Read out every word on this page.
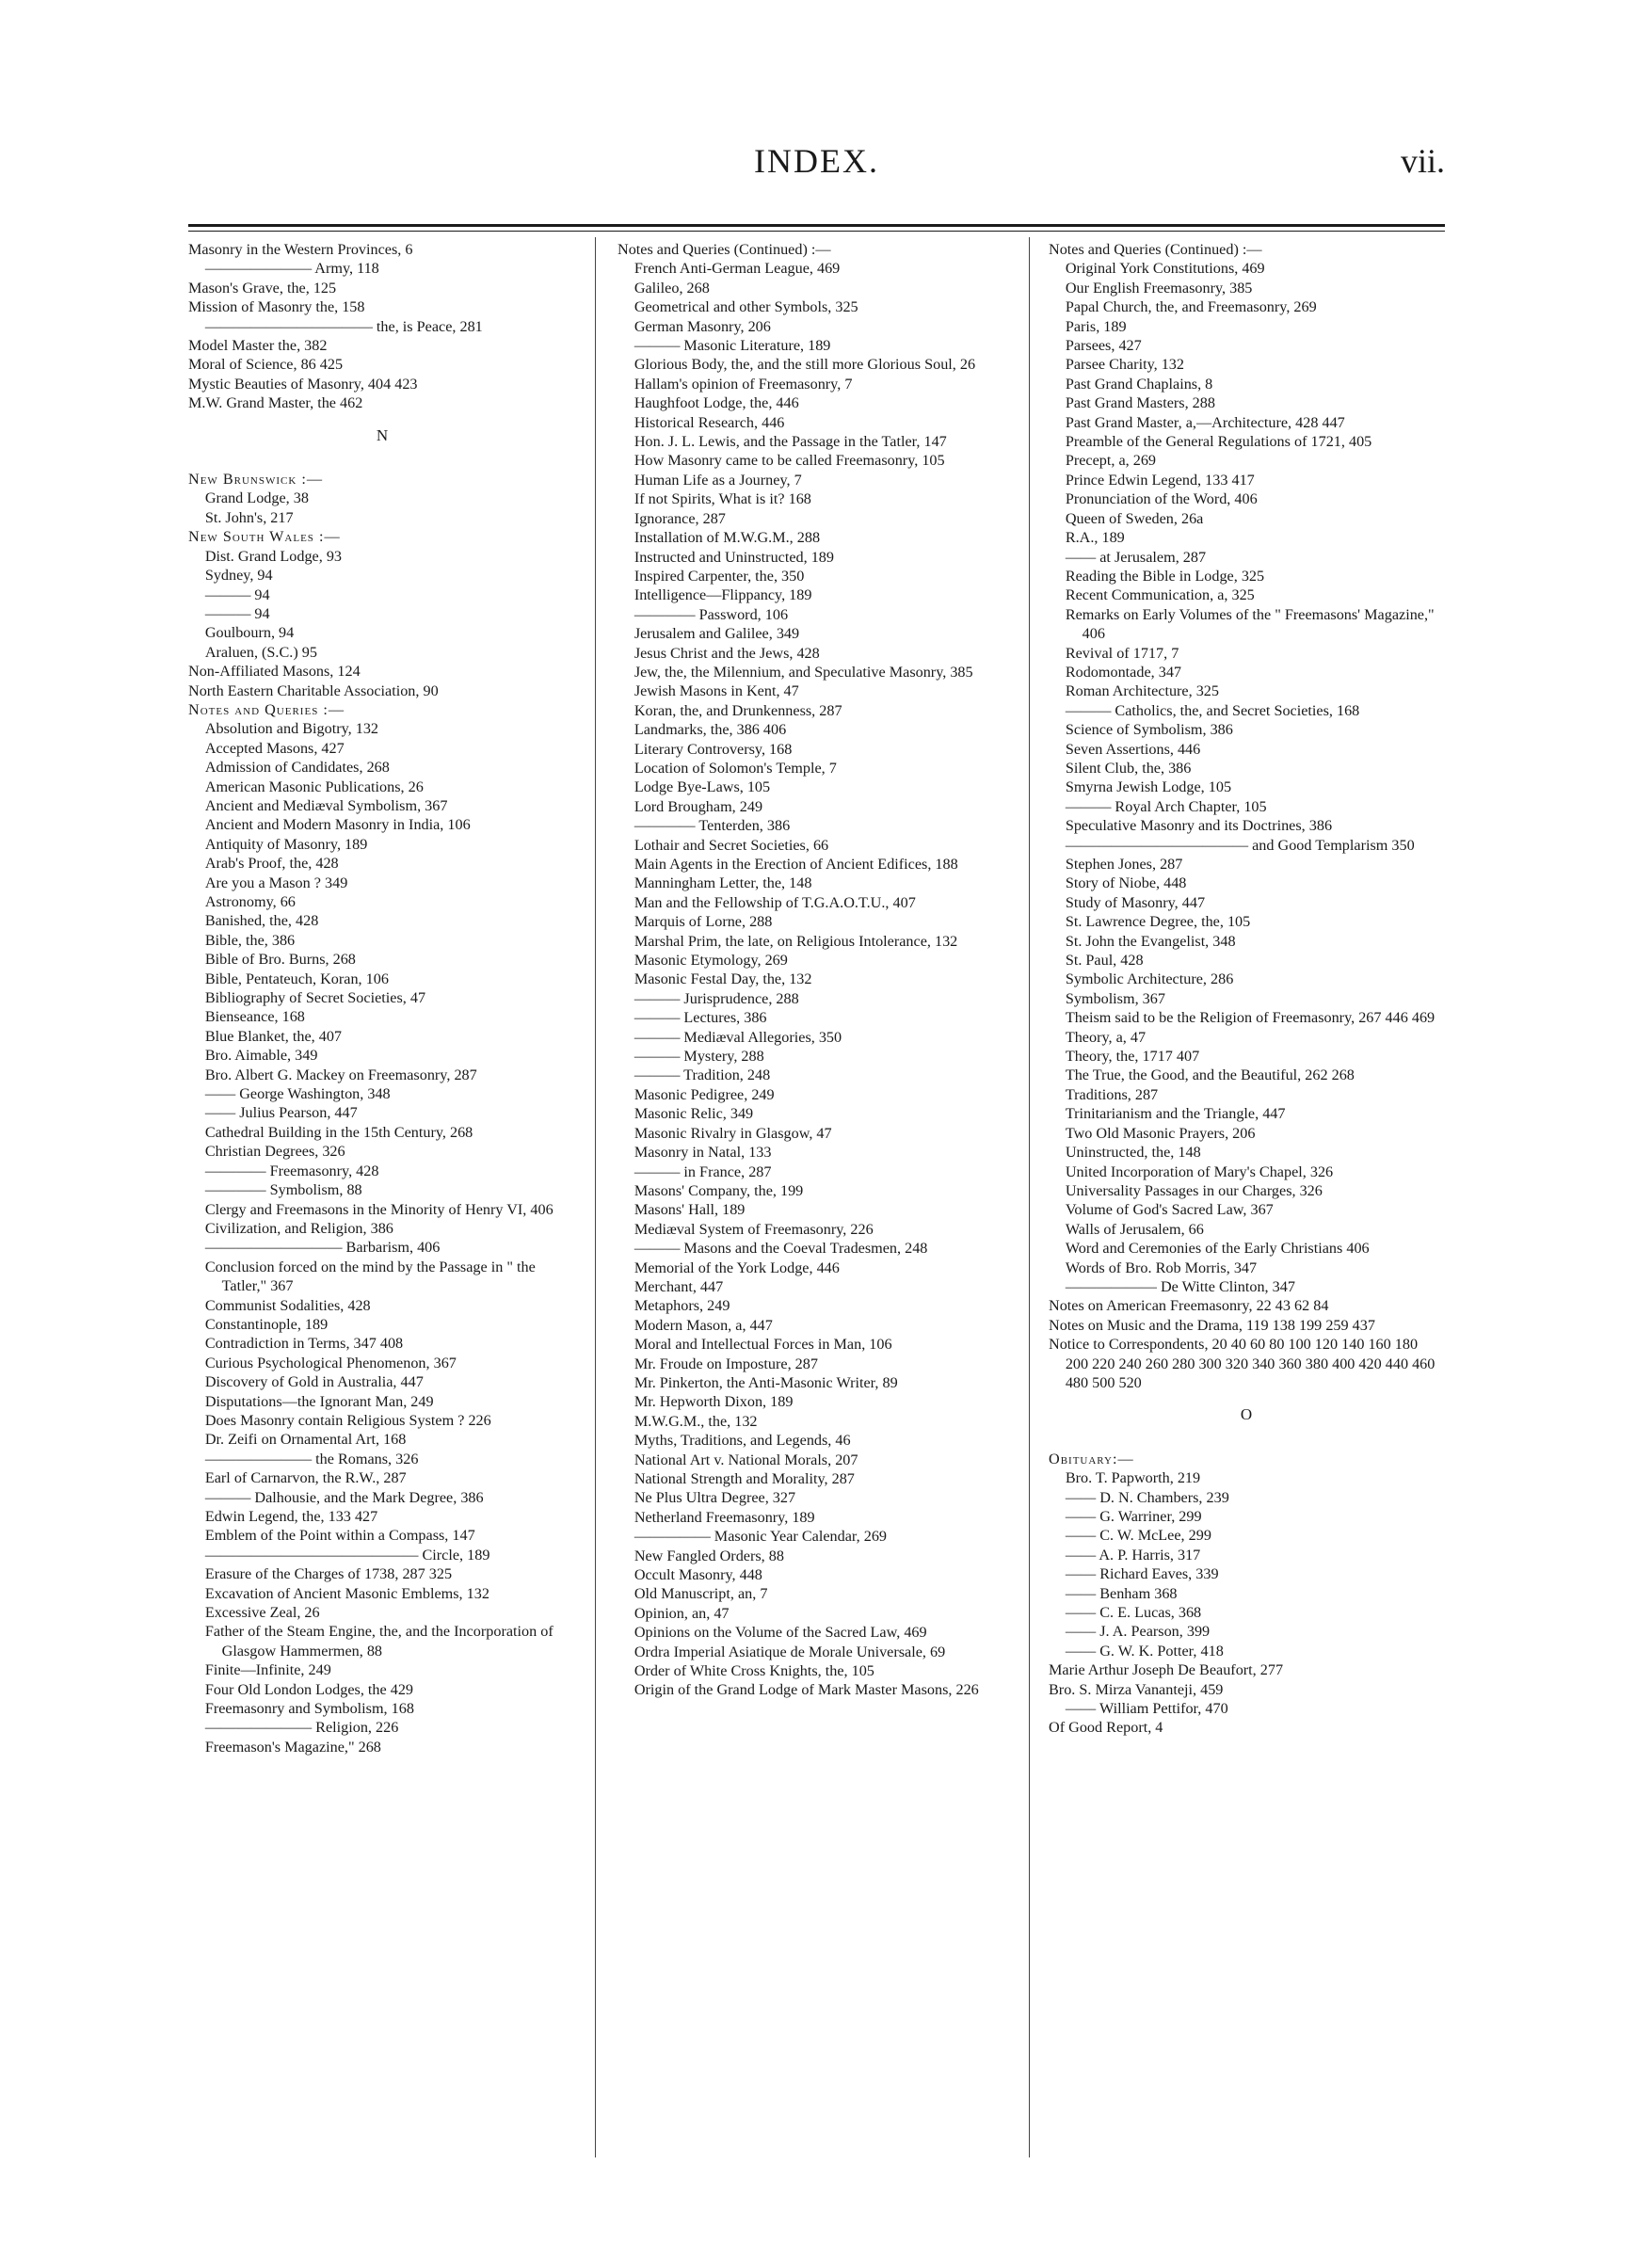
INDEX.	vii.

Masonry in the Western Provinces, 6

——————— Army, 118

Mason's Grave, the, 125

Mission of Masonry the, 158

——————————— the, is Peace, 281

Model Master the, 382

Moral of Science, 86 425

Mystic Beauties of Masonry, 404 423

M.W. Grand Master, the 462

N

New Brunswick :—

Grand Lodge, 38

St. John's, 217

New South Wales :—

Dist. Grand Lodge, 93

Sydney, 94

——— 94

——— 94

Goulbourn, 94

Araluen, (S.C.) 95

Non-Affiliated Masons, 124

North Eastern Charitable Association, 90

Notes and Queries :—

Absolution and Bigotry, 132

Accepted Masons, 427

Admission of Candidates, 268

American Masonic Publications, 26

Ancient and Mediæval Symbolism, 367

Ancient and Modern Masonry in India, 106

Antiquity of Masonry, 189

Arab's Proof, the, 428

Are you a Mason ? 349

Astronomy, 66

Banished, the, 428

Bible, the, 386

Bible of Bro. Burns, 268

Bible, Pentateuch, Koran, 106

Bibliography of Secret Societies, 47

Bienseance, 168

Blue Blanket, the, 407

Bro. Aimable, 349

Bro. Albert G. Mackey on Freemasonry, 287

—— George Washington, 348

—— Julius Pearson, 447

Cathedral Building in the 15th Century, 268

Christian Degrees, 326

———— Freemasonry, 428

———— Symbolism, 88

Clergy and Freemasons in the Minority of Henry VI, 406

Civilization, and Religion, 386

————————— Barbarism, 406

Conclusion forced on the mind by the Passage in " the Tatler," 367

Communist Sodalities, 428

Constantinople, 189

Contradiction in Terms, 347 408

Curious Psychological Phenomenon, 367

Discovery of Gold in Australia, 447

Disputations—the Ignorant Man, 249

Does Masonry contain Religious System ? 226

Dr. Zeifi on Ornamental Art, 168

——————— the Romans, 326

Earl of Carnarvon, the R.W., 287

——— Dalhousie, and the Mark Degree, 386

Edwin Legend, the, 133 427

Emblem of the Point within a Compass, 147

—————————————— Circle, 189

Erasure of the Charges of 1738, 287 325

Excavation of Ancient Masonic Emblems, 132

Excessive Zeal, 26

Father of the Steam Engine, the, and the Incorporation of Glasgow Hammermen, 88

Finite—Infinite, 249

Four Old London Lodges, the 429

Freemasonry and Symbolism, 168

——————— Religion, 226

Freemason's Magazine," 268

Notes and Queries (Continued) :—

French Anti-German League, 469

Galileo, 268

Geometrical and other Symbols, 325

German Masonry, 206

——— Masonic Literature, 189

Glorious Body, the, and the still more Glorious Soul, 26

Hallam's opinion of Freemasonry, 7

Haughfoot Lodge, the, 446

Historical Research, 446

Hon. J. L. Lewis, and the Passage in the Tatler, 147

How Masonry came to be called Freemasonry, 105

Human Life as a Journey, 7

If not Spirits, What is it? 168

Ignorance, 287

Installation of M.W.G.M., 288

Instructed and Uninstructed, 189

Inspired Carpenter, the, 350

Intelligence—Flippancy, 189

———— Password, 106

Jerusalem and Galilee, 349

Jesus Christ and the Jews, 428

Jew, the, the Milennium, and Speculative Masonry, 385

Jewish Masons in Kent, 47

Koran, the, and Drunkenness, 287

Landmarks, the, 386 406

Literary Controversy, 168

Location of Solomon's Temple, 7

Lodge Bye-Laws, 105

Lord Brougham, 249

———— Tenterden, 386

Lothair and Secret Societies, 66

Main Agents in the Erection of Ancient Edifices, 188

Manningham Letter, the, 148

Man and the Fellowship of T.G.A.O.T.U., 407

Marquis of Lorne, 288

Marshal Prim, the late, on Religious Intolerance, 132

Masonic Etymology, 269

Masonic Festal Day, the, 132

——— Jurisprudence, 288

——— Lectures, 386

——— Mediæval Allegories, 350

——— Mystery, 288

——— Tradition, 248

Masonic Pedigree, 249

Masonic Relic, 349

Masonic Rivalry in Glasgow, 47

Masonry in Natal, 133

——— in France, 287

Masons' Company, the, 199

Masons' Hall, 189

Mediæval System of Freemasonry, 226

——— Masons and the Coeval Tradesmen, 248

Memorial of the York Lodge, 446

Merchant, 447

Metaphors, 249

Modern Mason, a, 447

Moral and Intellectual Forces in Man, 106

Mr. Froude on Imposture, 287

Mr. Pinkerton, the Anti-Masonic Writer, 89

Mr. Hepworth Dixon, 189

M.W.G.M., the, 132

Myths, Traditions, and Legends, 46

National Art v. National Morals, 207

National Strength and Morality, 287

Ne Plus Ultra Degree, 327

Netherland Freemasonry, 189

————— Masonic Year Calendar, 269

New Fangled Orders, 88

Occult Masonry, 448

Old Manuscript, an, 7

Opinion, an, 47

Opinions on the Volume of the Sacred Law, 469

Ordra Imperial Asiatique de Morale Universale, 69

Order of White Cross Knights, the, 105

Origin of the Grand Lodge of Mark Master Masons, 226

Notes and Queries (Continued) :—

Original York Constitutions, 469

Our English Freemasonry, 385

Papal Church, the, and Freemasonry, 269

Paris, 189

Parsees, 427

Parsee Charity, 132

Past Grand Chaplains, 8

Past Grand Masters, 288

Past Grand Master, a,—Architecture, 428 447

Preamble of the General Regulations of 1721, 405

Precept, a, 269

Prince Edwin Legend, 133 417

Pronunciation of the Word, 406

Queen of Sweden, 26a

R.A., 189

—— at Jerusalem, 287

Reading the Bible in Lodge, 325

Recent Communication, a, 325

Remarks on Early Volumes of the " Freemasons' Magazine," 406

Revival of 1717, 7

Rodomontade, 347

Roman Architecture, 325

——— Catholics, the, and Secret Societies, 168

Science of Symbolism, 386

Seven Assertions, 446

Silent Club, the, 386

Smyrna Jewish Lodge, 105

——— Royal Arch Chapter, 105

Speculative Masonry and its Doctrines, 386

———————————— and Good Templarism 350

Stephen Jones, 287

Story of Niobe, 448

Study of Masonry, 447

St. Lawrence Degree, the, 105

St. John the Evangelist, 348

St. Paul, 428

Symbolic Architecture, 286

Symbolism, 367

Theism said to be the Religion of Freemasonry, 267 446 469

Theory, a, 47

Theory, the, 1717 407

The True, the Good, and the Beautiful, 262 268

Traditions, 287

Trinitarianism and the Triangle, 447

Two Old Masonic Prayers, 206

Uninstructed, the, 148

United Incorporation of Mary's Chapel, 326

Universality Passages in our Charges, 326

Volume of God's Sacred Law, 367

Walls of Jerusalem, 66

Word and Ceremonies of the Early Christians 406

Words of Bro. Rob Morris, 347

—————— De Witte Clinton, 347

Notes on American Freemasonry, 22 43 62 84

Notes on Music and the Drama, 119 138 199 259 437

Notice to Correspondents, 20 40 60 80 100 120 140 160 180 200 220 240 260 280 300 320 340 360 380 400 420 440 460 480 500 520

O

Obituary:—

Bro. T. Papworth, 219

—— D. N. Chambers, 239

—— G. Warriner, 299

—— C. W. McLee, 299

—— A. P. Harris, 317

—— Richard Eaves, 339

—— Benham 368

—— C. E. Lucas, 368

—— J. A. Pearson, 399

—— G. W. K. Potter, 418

Marie Arthur Joseph De Beaufort, 277

Bro. S. Mirza Vananteji, 459

—— William Pettifor, 470

Of Good Report, 4
